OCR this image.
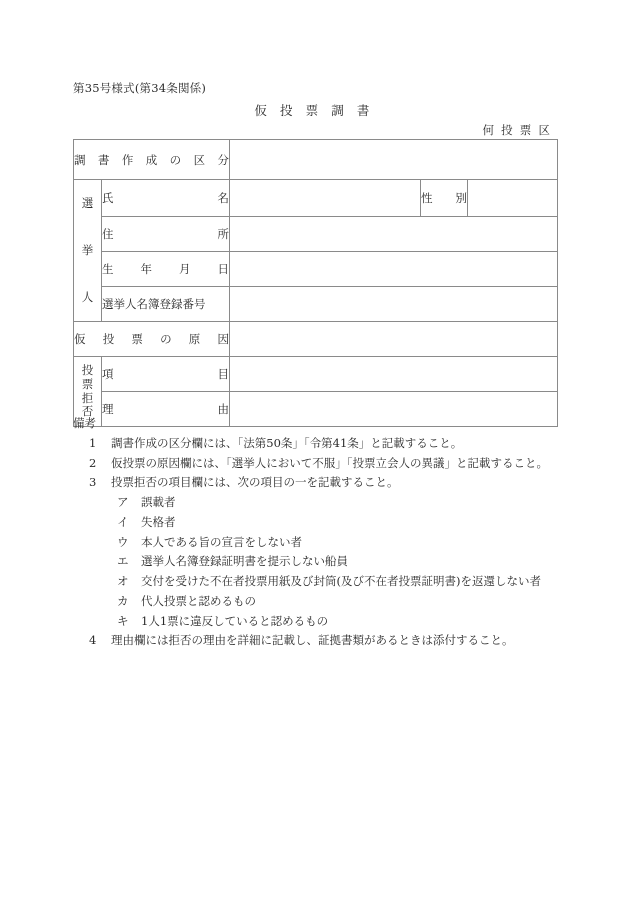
第35号様式(第34条関係)
仮投票調書
何投票区
調 書 作 成 の 区 分

選
挙
人	氏 名		性 別	

	住 所			

	生 年 月 日			

	選挙人名簿登録番号			

仮 投 票 の 原 因

投
票
拒
否	項 目			

	理 由			

備考
1	調書作成の区分欄には、「法第50条」「令第41条」と記載すること。
2	仮投票の原因欄には、「選挙人において不服」「投票立会人の異議」と記載すること。
3	投票拒否の項目欄には、次の項目の一を記載すること。
ア	誤載者
イ	失格者
ウ	本人である旨の宣言をしない者
エ	選挙人名簿登録証明書を提示しない船員
オ	交付を受けた不在者投票用紙及び封筒(及び不在者投票証明書)を返還しない者
カ	代人投票と認めるもの
キ	1人1票に違反していると認めるもの
4	理由欄には拒否の理由を詳細に記載し、証拠書類があるときは添付すること。
